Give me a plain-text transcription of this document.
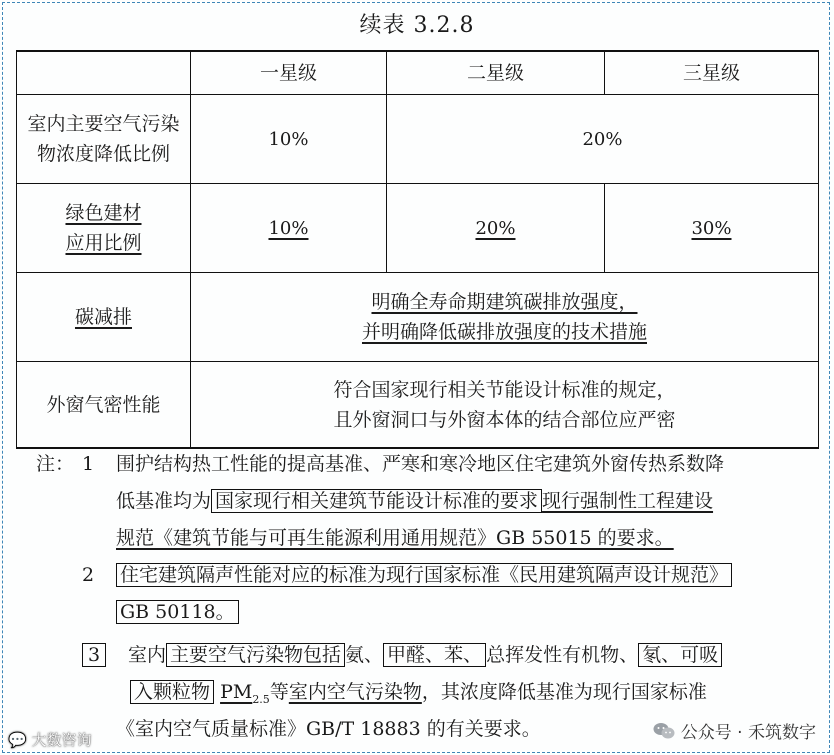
续表 3.2.8
	一星级	二星级	三星级

室内主要空气污染
物浓度降低比例	10%	20%	

绿色建材
应用比例	10%	20%	30%
碳减排	明确全寿命期建筑碳排放强度，
并明确降低碳排放强度的技术措施		

外窗气密性能	符合国家现行相关节能设计标准的规定，
且外窗洞口与外窗本体的结合部位应严密		
注： 1 围护结构热工性能的提高基准、严寒和寒冷地区住宅建筑外窗传热系数降
低基准均为 国家现行相关建筑节能设计标准的要求 现行强制性工程建设
规范《建筑节能与可再生能源利用通用规范》GB 55015 的要求。
2 住宅建筑隔声性能对应的标准为现行国家标准《民用建筑隔声设计规范》
GB 50118。
3	室内 主要空气污染物包括 氨、 甲醛、苯、 总挥发性有机物、 氡、可吸
入颗粒物 $PM_{2.5}$等室内空气污染物，其浓度降低基准为现行国家标准
《室内空气质量标准》GB/T 18883 的有关要求。
💬 大数咨询	公众号 · 禾筑数字
